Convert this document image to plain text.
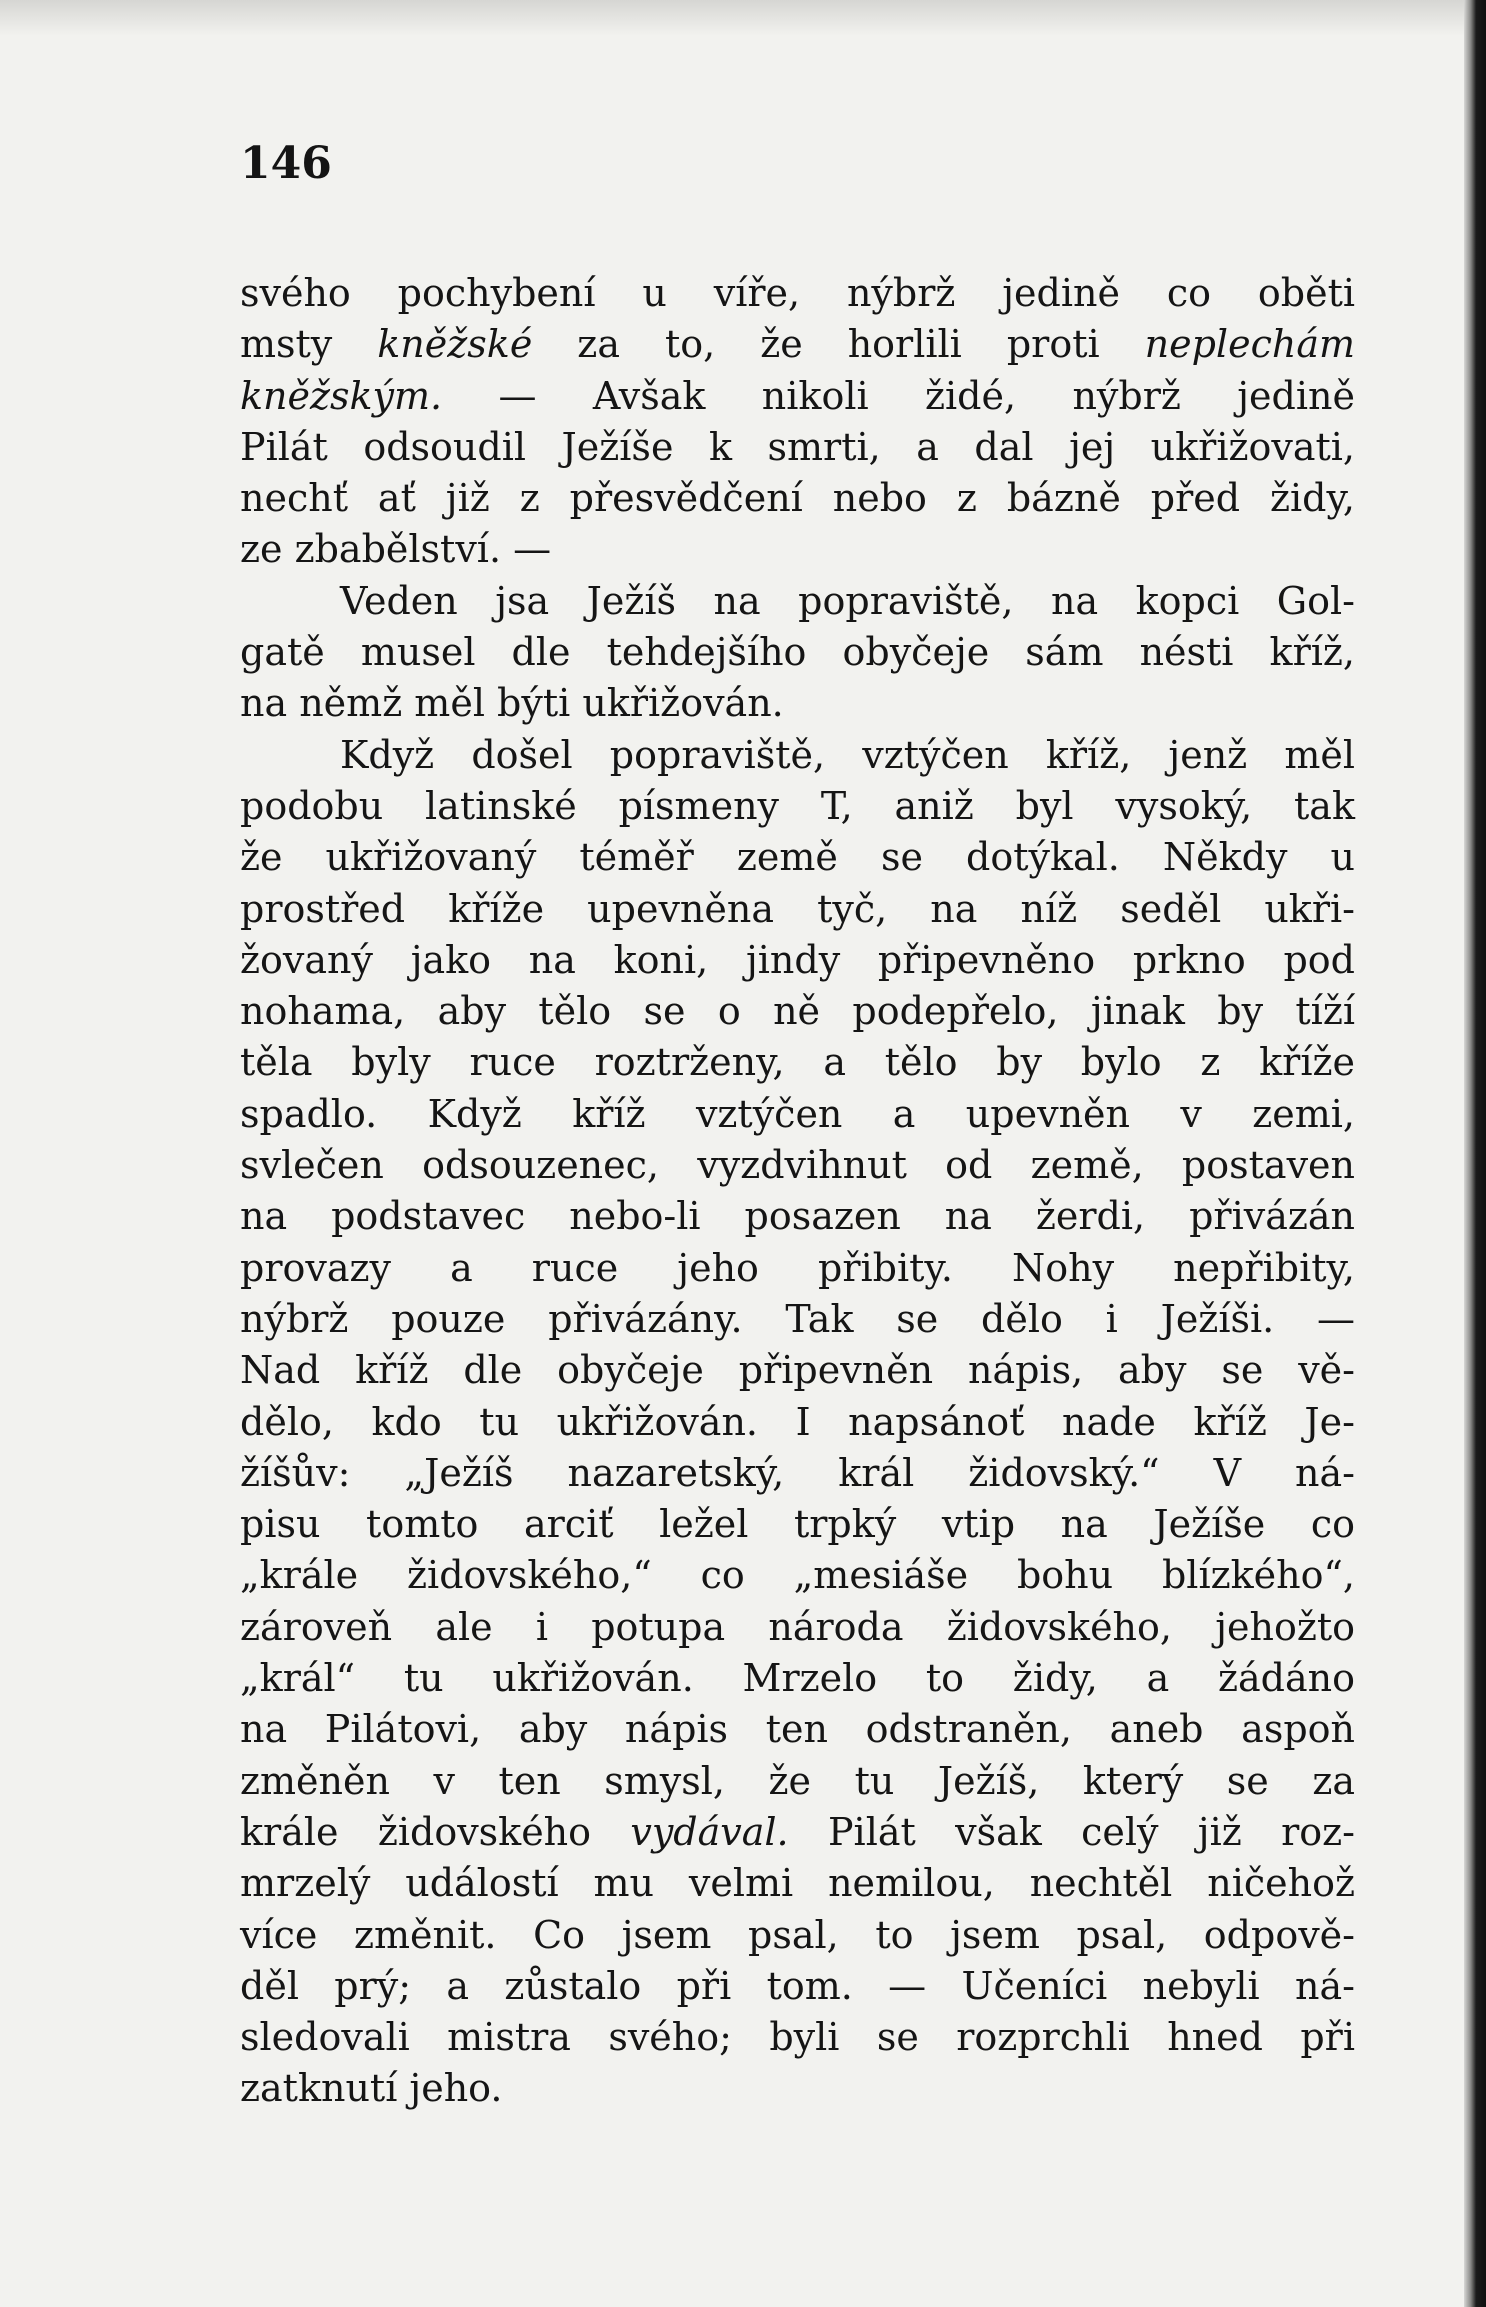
146
svého pochybení u víře, nýbrž jedině co oběti
msty kněžské za to, že horlili proti neplechám
kněžským. — Avšak nikoli židé, nýbrž jedině
Pilát odsoudil Ježíše k smrti, a dal jej ukřižovati,
nechť ať již z přesvědčení nebo z bázně před židy,
ze zbabělství. —
Veden jsa Ježíš na popraviště, na kopci Gol-
gatě musel dle tehdejšího obyčeje sám nésti kříž,
na němž měl býti ukřižován.
Když došel popraviště, vztýčen kříž, jenž měl
podobu latinské písmeny T, aniž byl vysoký, tak
že ukřižovaný téměř země se dotýkal. Někdy u
prostřed kříže upevněna tyč, na níž seděl ukři-
žovaný jako na koni, jindy připevněno prkno pod
nohama, aby tělo se o ně podepřelo, jinak by tíží
těla byly ruce roztrženy, a tělo by bylo z kříže
spadlo. Když kříž vztýčen a upevněn v zemi,
svlečen odsouzenec, vyzdvihnut od země, postaven
na podstavec nebo-li posazen na žerdi, přivázán
provazy a ruce jeho přibity. Nohy nepřibity,
nýbrž pouze přivázány. Tak se dělo i Ježíši. —
Nad kříž dle obyčeje připevněn nápis, aby se vě-
dělo, kdo tu ukřižován. I napsánoť nade kříž Je-
žíšův: „Ježíš nazaretský, král židovský.“ V ná-
pisu tomto arciť ležel trpký vtip na Ježíše co
„krále židovského,“ co „mesiáše bohu blízkého“,
zároveň ale i potupa národa židovského, jehožto
„král“ tu ukřižován. Mrzelo to židy, a žádáno
na Pilátovi, aby nápis ten odstraněn, aneb aspoň
změněn v ten smysl, že tu Ježíš, který se za
krále židovského vydával. Pilát však celý již roz-
mrzelý událostí mu velmi nemilou, nechtěl ničehož
více změnit. Co jsem psal, to jsem psal, odpově-
děl prý; a zůstalo při tom. — Učeníci nebyli ná-
sledovali mistra svého; byli se rozprchli hned při
zatknutí jeho.
